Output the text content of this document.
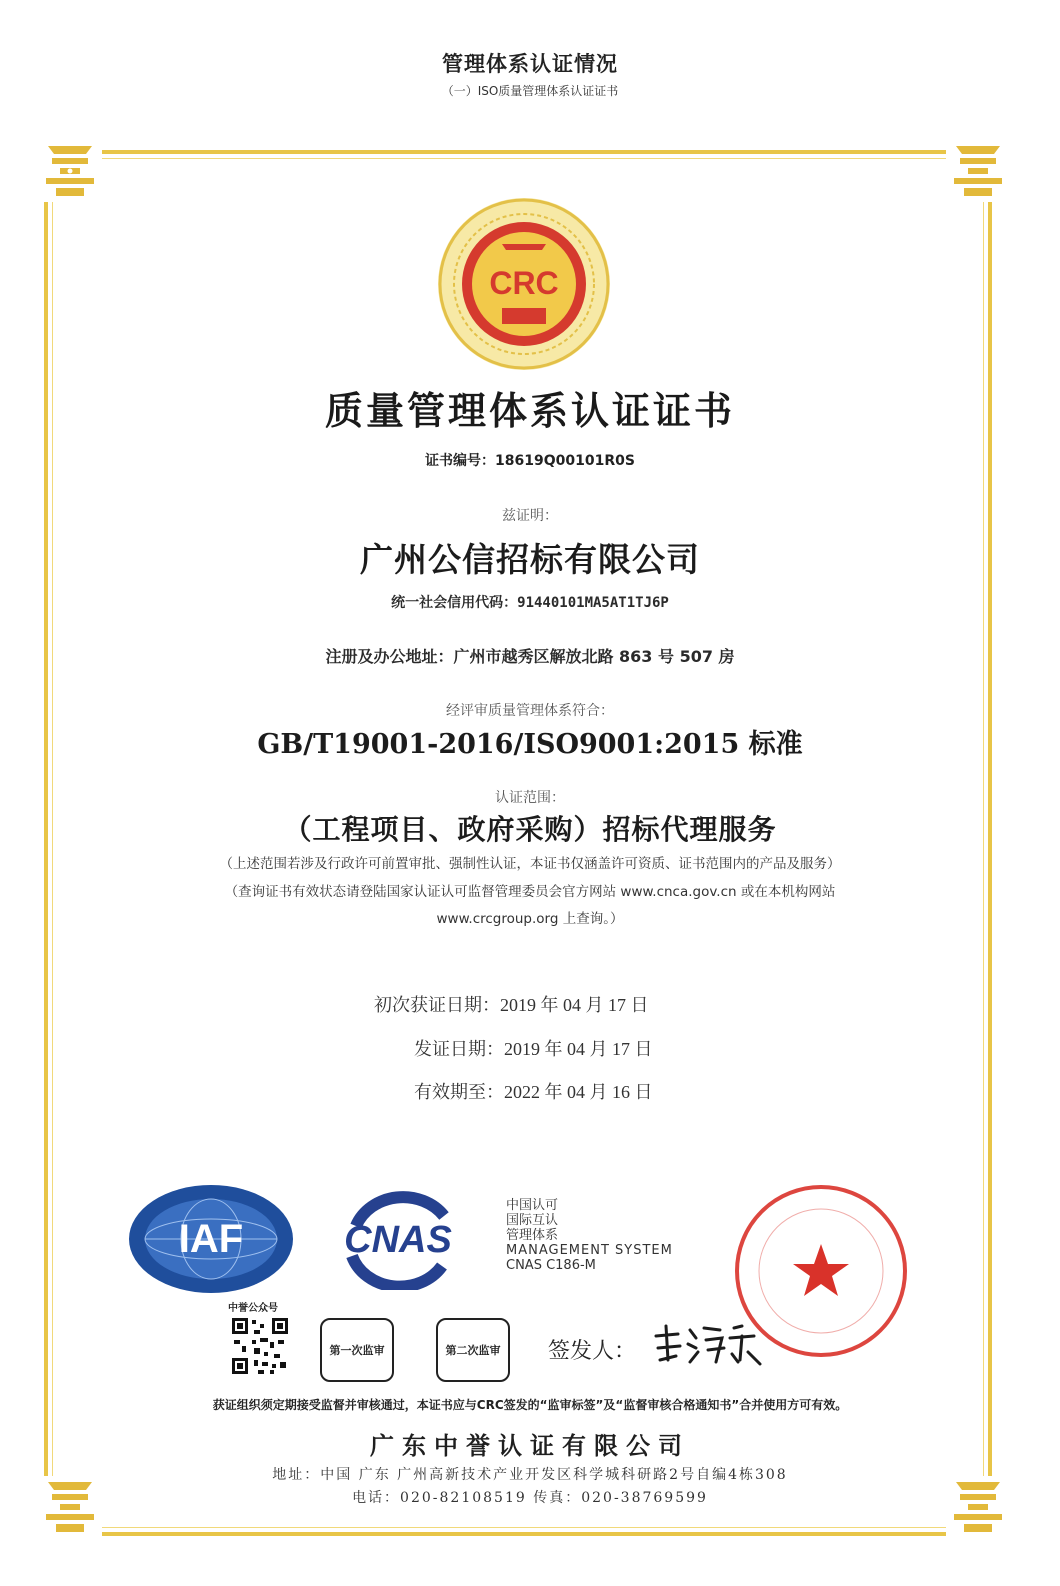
管理体系认证情况
（一）ISO质量管理体系认证证书
CRC
质量管理体系认证证书
证书编号：18619Q00101R0S
兹证明：
广州公信招标有限公司
统一社会信用代码：91440101MA5AT1TJ6P
注册及办公地址：广州市越秀区解放北路 863 号 507 房
经评审质量管理体系符合：
GB/T19001-2016/ISO9001:2015 标准
认证范围：
（工程项目、政府采购）招标代理服务
（上述范围若涉及行政许可前置审批、强制性认证，本证书仅涵盖许可资质、证书范围内的产品及服务）
（查询证书有效状态请登陆国家认证认可监督管理委员会官方网站 www.cnca.gov.cn 或在本机构网站
www.crcgroup.org 上查询。）
初次获证日期：2019 年 04 月 17 日
发证日期：2019 年 04 月 17 日
有效期至：2022 年 04 月 16 日
IAF	CNAS
中国认可
国际互认
管理体系
MANAGEMENT SYSTEM
CNAS C186-M
中誉公众号
第一次监审	第二次监审	签发人：
获证组织须定期接受监督并审核通过，本证书应与CRC签发的“监审标签”及“监督审核合格通知书”合并使用方可有效。
广东中誉认证有限公司
地址：中国 广东 广州高新技术产业开发区科学城科研路2号自编4栋308
电话：020-82108519 传真：020-38769599
